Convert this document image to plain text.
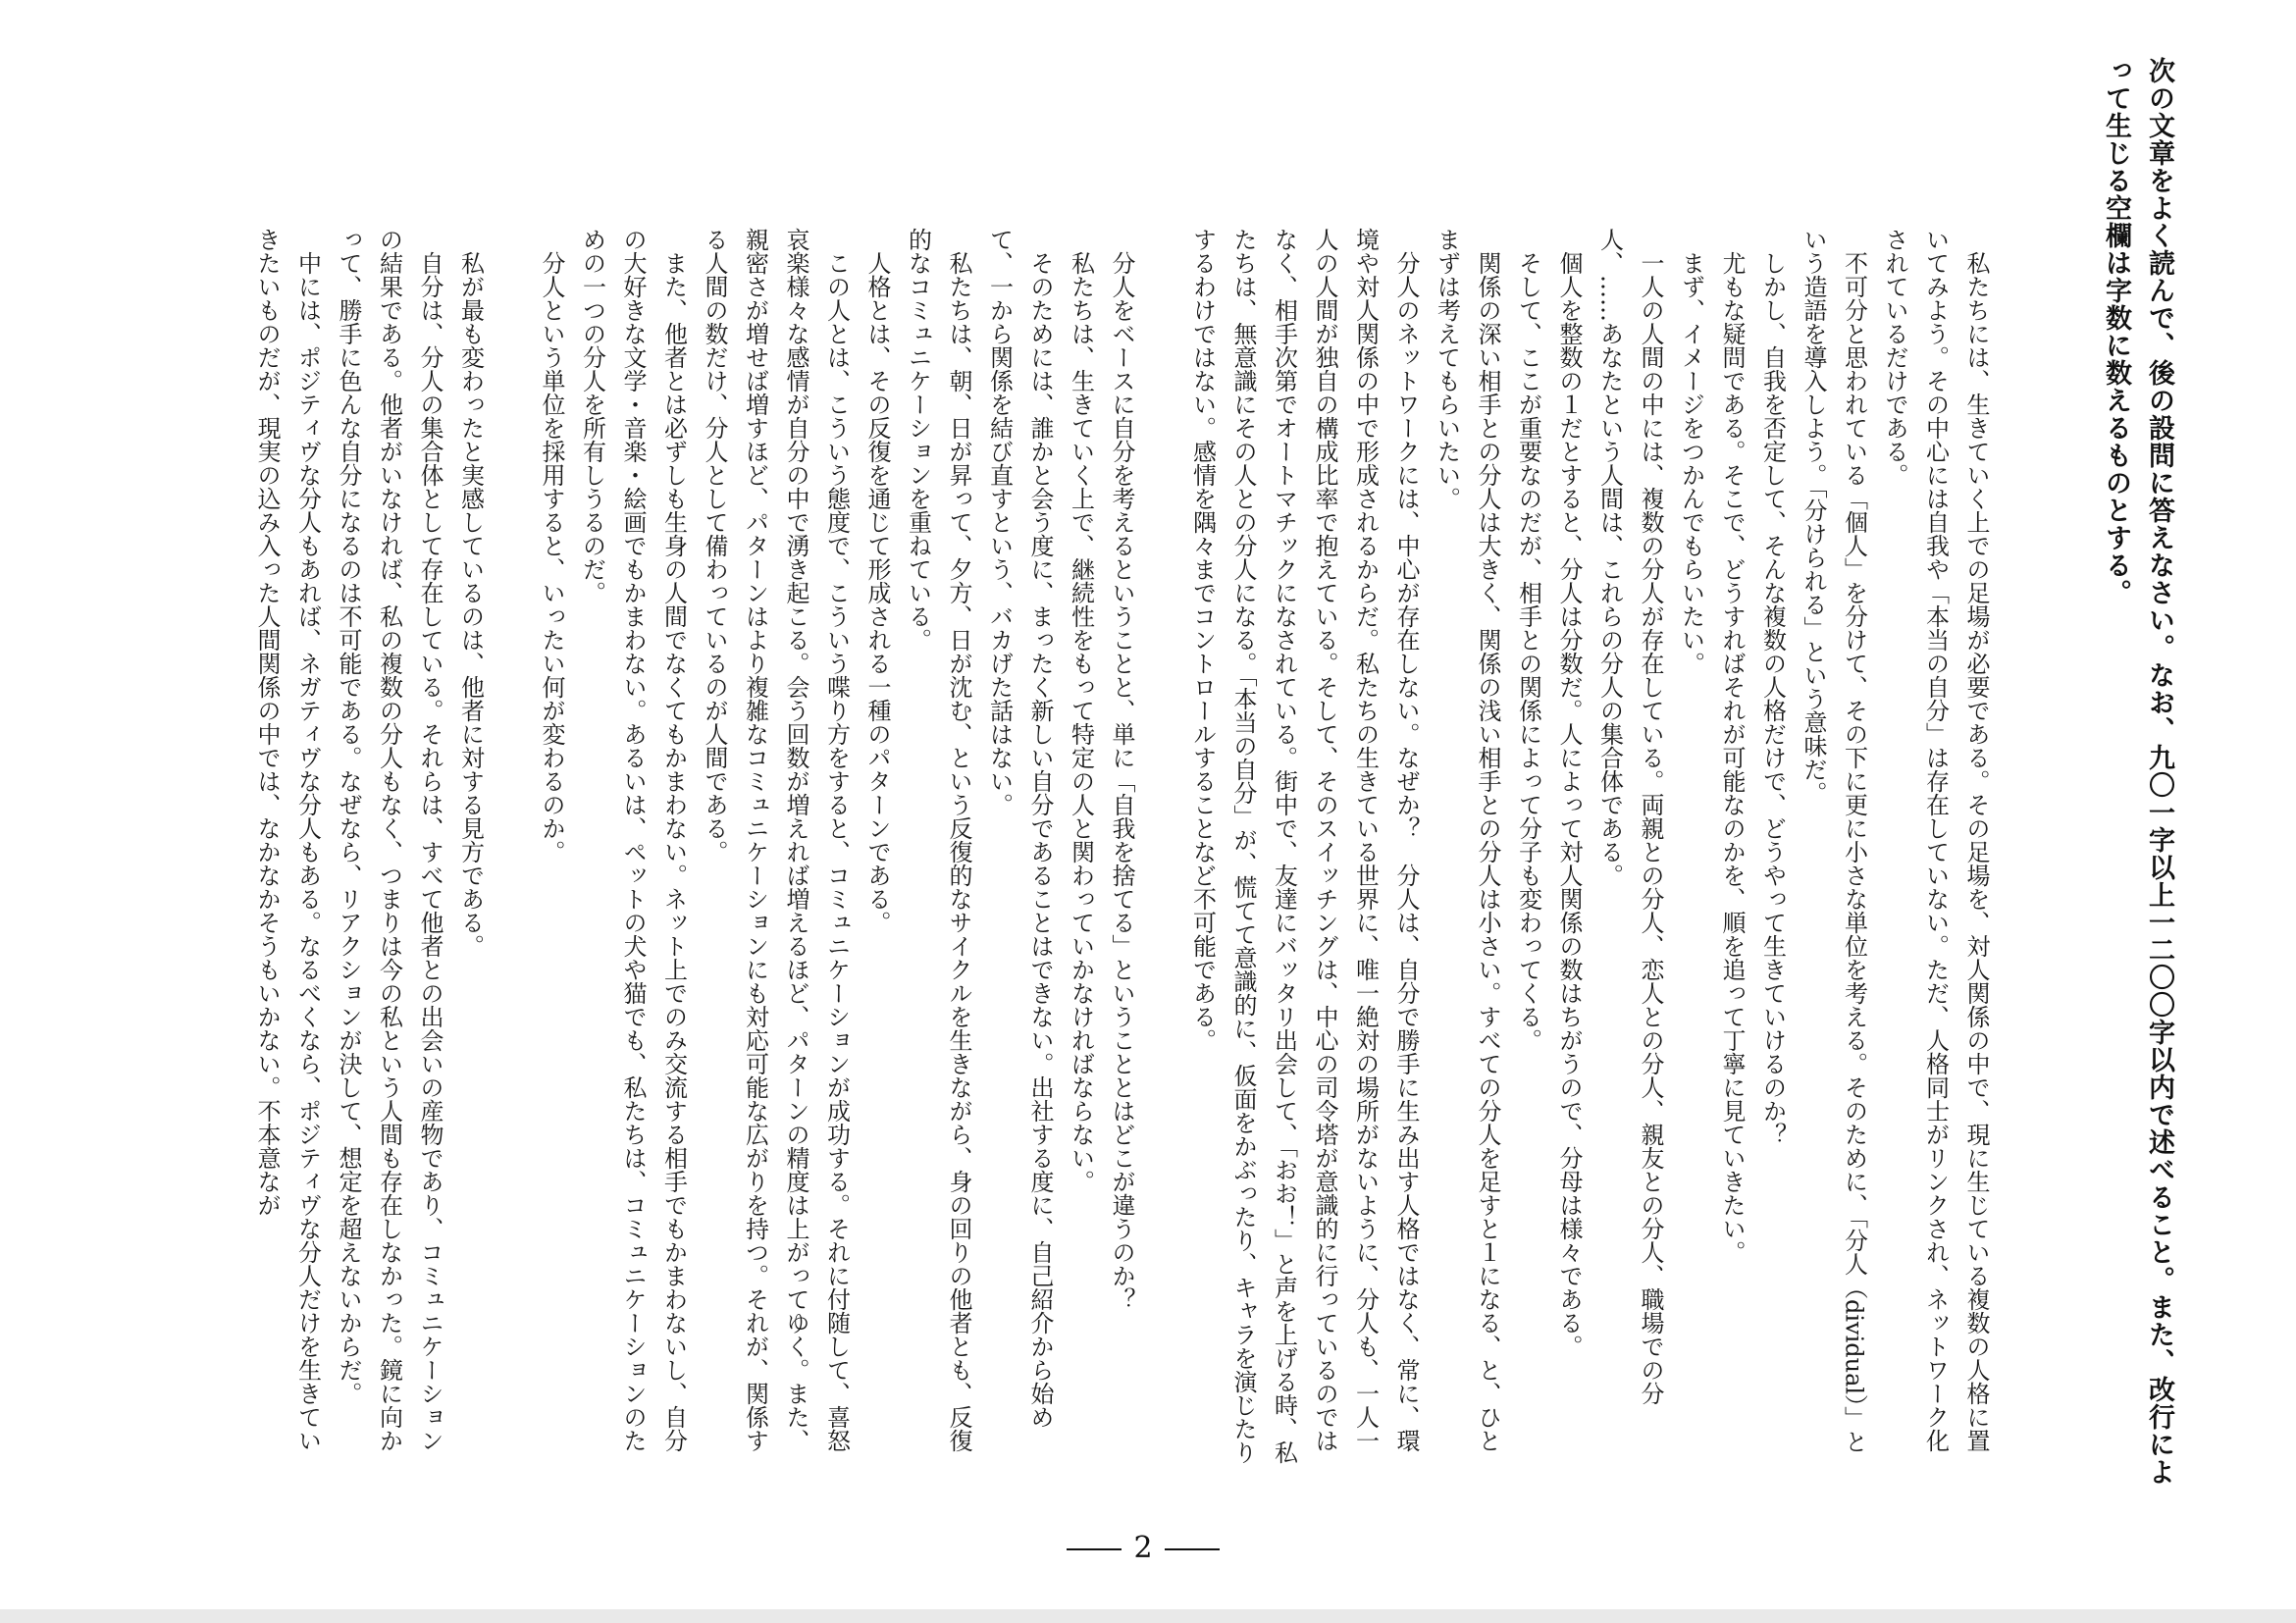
次の文章をよく読んで、後の設問に答えなさい。なお、九〇一字以上一二〇〇字以内で述べること。また、改行によって生じる空欄は字数に数えるものとする。

私たちには、生きていく上での足場が必要である。その足場を、対人関係の中で、現に生じている複数の人格に置いてみよう。その中心には自我や「本当の自分」は存在していない。ただ、人格同士がリンクされ、ネットワーク化されているだけである。

不可分と思われている「個人」を分けて、その下に更に小さな単位を考える。そのために、「分人（dividual）」という造語を導入しよう。「分けられる」という意味だ。

しかし、自我を否定して、そんな複数の人格だけで、どうやって生きていけるのか？

尤もな疑問である。そこで、どうすればそれが可能なのかを、順を追って丁寧に見ていきたい。

まず、イメージをつかんでもらいたい。

一人の人間の中には、複数の分人が存在している。両親との分人、恋人との分人、親友との分人、職場での分人、……あなたという人間は、これらの分人の集合体である。

個人を整数の１だとすると、分人は分数だ。人によって対人関係の数はちがうので、分母は様々である。

そして、ここが重要なのだが、相手との関係によって分子も変わってくる。

関係の深い相手との分人は大きく、関係の浅い相手との分人は小さい。すべての分人を足すと１になる、と、ひとまずは考えてもらいたい。

分人のネットワークには、中心が存在しない。なぜか？　分人は、自分で勝手に生み出す人格ではなく、常に、環境や対人関係の中で形成されるからだ。私たちの生きている世界に、唯一絶対の場所がないように、分人も、一人一人の人間が独自の構成比率で抱えている。そして、そのスイッチングは、中心の司令塔が意識的に行っているのではなく、相手次第でオートマチックになされている。街中で、友達にバッタリ出会して、「おお！」と声を上げる時、私たちは、無意識にその人との分人になる。「本当の自分」が、慌てて意識的に、仮面をかぶったり、キャラを演じたりするわけではない。感情を隅々までコントロールすることなど不可能である。

分人をベースに自分を考えるということと、単に「自我を捨てる」ということとはどこが違うのか？

私たちは、生きていく上で、継続性をもって特定の人と関わっていかなければならない。

そのためには、誰かと会う度に、まったく新しい自分であることはできない。出社する度に、自己紹介から始めて、一から関係を結び直すという、バカげた話はない。

私たちは、朝、日が昇って、夕方、日が沈む、という反復的なサイクルを生きながら、身の回りの他者とも、反復的なコミュニケーションを重ねている。

人格とは、その反復を通じて形成される一種のパターンである。

この人とは、こういう態度で、こういう喋り方をすると、コミュニケーションが成功する。それに付随して、喜怒哀楽様々な感情が自分の中で湧き起こる。会う回数が増えれば増えるほど、パターンの精度は上がってゆく。また、親密さが増せば増すほど、パターンはより複雑なコミュニケーションにも対応可能な広がりを持つ。それが、関係する人間の数だけ、分人として備わっているのが人間である。

また、他者とは必ずしも生身の人間でなくてもかまわない。ネット上でのみ交流する相手でもかまわないし、自分の大好きな文学・音楽・絵画でもかまわない。あるいは、ペットの犬や猫でも、私たちは、コミュニケーションのための一つの分人を所有しうるのだ。

分人という単位を採用すると、いったい何が変わるのか。

私が最も変わったと実感しているのは、他者に対する見方である。

自分は、分人の集合体として存在している。それらは、すべて他者との出会いの産物であり、コミュニケーションの結果である。他者がいなければ、私の複数の分人もなく、つまりは今の私という人間も存在しなかった。鏡に向かって、勝手に色んな自分になるのは不可能である。なぜなら、リアクションが決して、想定を超えないからだ。

中には、ポジティヴな分人もあれば、ネガティヴな分人もある。なるべくなら、ポジティヴな分人だけを生きていきたいものだが、現実の込み入った人間関係の中では、なかなかそうもいかない。不本意なが

2
